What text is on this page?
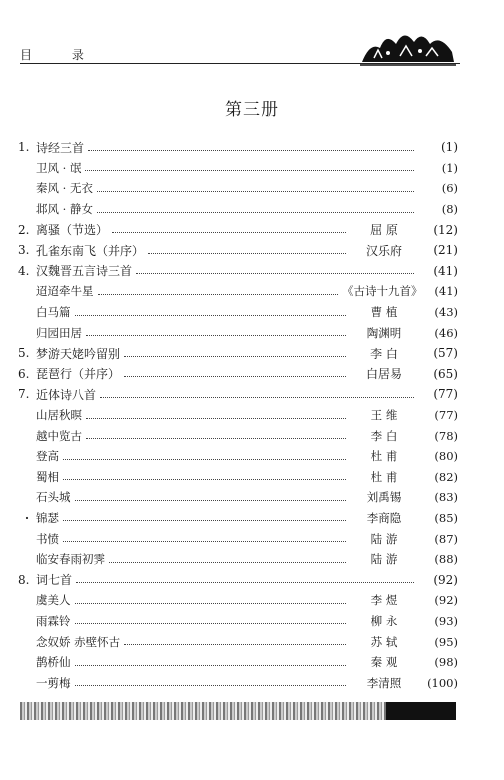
目 录
第三册
1. 诗经三首	(1)
卫风 · 氓	(1)
秦风 · 无衣	(6)
邶风 · 静女	(8)
2. 离骚（节选）	屈 原	(12)
3. 孔雀东南飞（并序）	汉乐府	(21)
4. 汉魏晋五言诗三首	(41)
迢迢牵牛星	《古诗十九首》	(41)
白马篇	曹 植	(43)
归园田居	陶渊明	(46)
5. 梦游天姥吟留别	李 白	(57)
6. 琵琶行（并序）	白居易	(65)
7. 近体诗八首	(77)
山居秋暝	王 维	(77)
越中览古	李 白	(78)
登高	杜 甫	(80)
蜀相	杜 甫	(82)
石头城	刘禹锡	(83)
· 锦瑟	李商隐	(85)
书愤	陆 游	(87)
临安春雨初霁	陆 游	(88)
8. 词七首	(92)
虞美人	李 煜	(92)
雨霖铃	柳 永	(93)
念奴娇 赤壁怀古	苏 轼	(95)
鹊桥仙	秦 观	(98)
一剪梅	李清照	(100)
